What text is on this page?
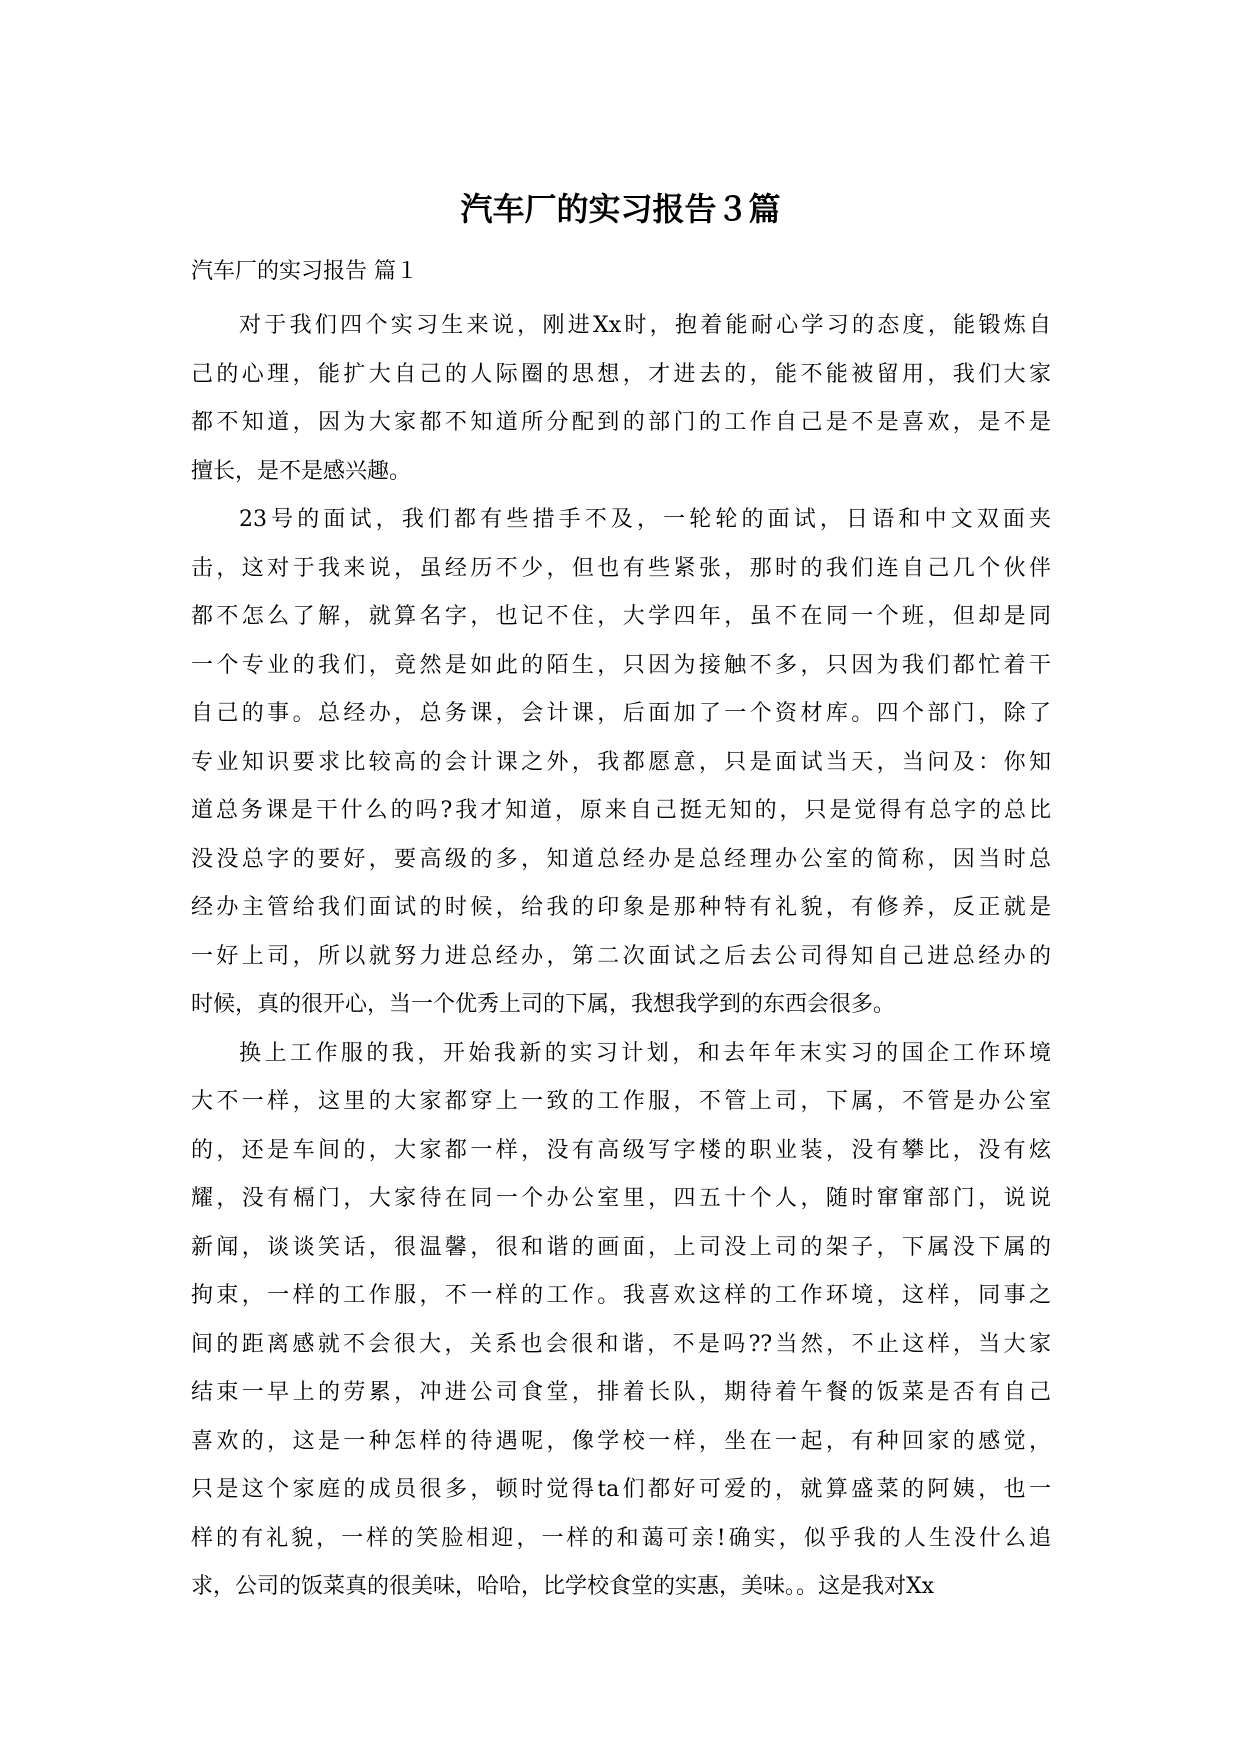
汽车厂的实习报告３篇

汽车厂的实习报告 篇１

对于我们四个实习生来说，刚进Xx时，抱着能耐心学习的态度，能锻炼自
己的心理，能扩大自己的人际圈的思想，才进去的，能不能被留用，我们大家
都不知道，因为大家都不知道所分配到的部门的工作自己是不是喜欢，是不是
擅长，是不是感兴趣。

23号的面试，我们都有些措手不及，一轮轮的面试，日语和中文双面夹
击，这对于我来说，虽经历不少，但也有些紧张，那时的我们连自己几个伙伴
都不怎么了解，就算名字，也记不住，大学四年，虽不在同一个班，但却是同
一个专业的我们，竟然是如此的陌生，只因为接触不多，只因为我们都忙着干
自己的事。总经办，总务课，会计课，后面加了一个资材库。四个部门，除了
专业知识要求比较高的会计课之外，我都愿意，只是面试当天，当问及：你知
道总务课是干什么的吗?我才知道，原来自己挺无知的，只是觉得有总字的总比
没没总字的要好，要高级的多，知道总经办是总经理办公室的简称，因当时总
经办主管给我们面试的时候，给我的印象是那种特有礼貌，有修养，反正就是
一好上司，所以就努力进总经办，第二次面试之后去公司得知自己进总经办的
时候，真的很开心，当一个优秀上司的下属，我想我学到的东西会很多。

换上工作服的我，开始我新的实习计划，和去年年末实习的国企工作环境
大不一样，这里的大家都穿上一致的工作服，不管上司，下属，不管是办公室
的，还是车间的，大家都一样，没有高级写字楼的职业装，没有攀比，没有炫
耀，没有槅门，大家待在同一个办公室里，四五十个人，随时窜窜部门，说说
新闻，谈谈笑话，很温馨，很和谐的画面，上司没上司的架子，下属没下属的
拘束，一样的工作服，不一样的工作。我喜欢这样的工作环境，这样，同事之
间的距离感就不会很大，关系也会很和谐，不是吗??当然，不止这样，当大家
结束一早上的劳累，冲进公司食堂，排着长队，期待着午餐的饭菜是否有自己
喜欢的，这是一种怎样的待遇呢，像学校一样，坐在一起，有种回家的感觉，
只是这个家庭的成员很多，顿时觉得ta们都好可爱的，就算盛菜的阿姨，也一
样的有礼貌，一样的笑脸相迎，一样的和蔼可亲!确实，似乎我的人生没什么追
求，公司的饭菜真的很美味，哈哈，比学校食堂的实惠，美味。。这是我对Xx
